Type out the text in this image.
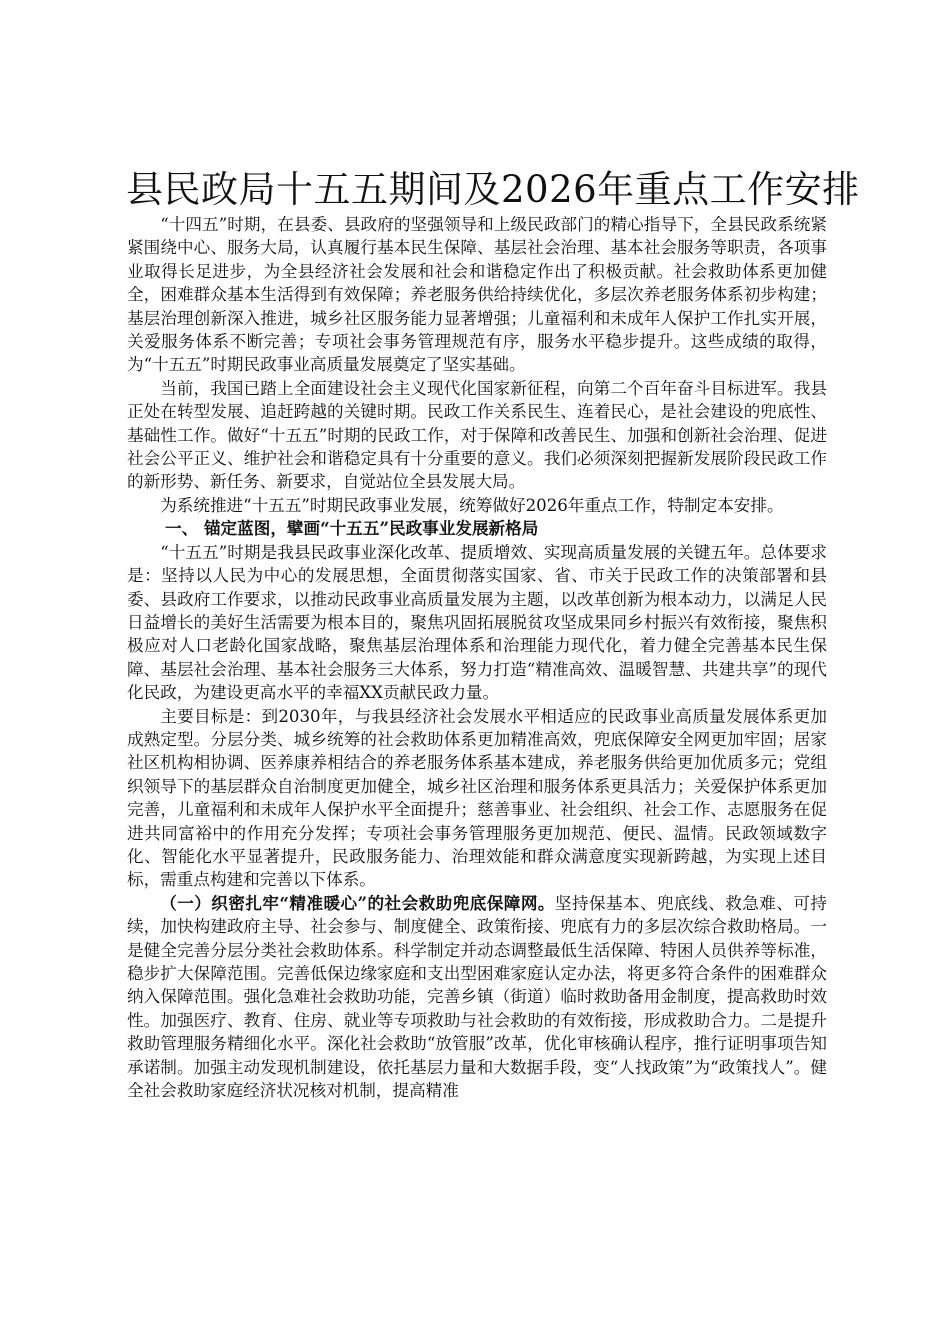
县民政局十五五期间及2026年重点工作安排

“十四五”时期，在县委、县政府的坚强领导和上级民政部门的精心指导下，全县民政系统紧紧围绕中心、服务大局，认真履行基本民生保障、基层社会治理、基本社会服务等职责，各项事业取得长足进步，为全县经济社会发展和社会和谐稳定作出了积极贡献。社会救助体系更加健全，困难群众基本生活得到有效保障；养老服务供给持续优化，多层次养老服务体系初步构建；基层治理创新深入推进，城乡社区服务能力显著增强；儿童福利和未成年人保护工作扎实开展，关爱服务体系不断完善；专项社会事务管理规范有序，服务水平稳步提升。这些成绩的取得，为“十五五”时期民政事业高质量发展奠定了坚实基础。

当前，我国已踏上全面建设社会主义现代化国家新征程，向第二个百年奋斗目标进军。我县正处在转型发展、追赶跨越的关键时期。民政工作关系民生、连着民心，是社会建设的兜底性、基础性工作。做好“十五五”时期的民政工作，对于保障和改善民生、加强和创新社会治理、促进社会公平正义、维护社会和谐稳定具有十分重要的意义。我们必须深刻把握新发展阶段民政工作的新形势、新任务、新要求，自觉站位全县发展大局。

为系统推进“十五五”时期民政事业发展，统筹做好2026年重点工作，特制定本安排。

一、 锚定蓝图，擘画“十五五”民政事业发展新格局

“十五五”时期是我县民政事业深化改革、提质增效、实现高质量发展的关键五年。总体要求是：坚持以人民为中心的发展思想，全面贯彻落实国家、省、市关于民政工作的决策部署和县委、县政府工作要求，以推动民政事业高质量发展为主题，以改革创新为根本动力，以满足人民日益增长的美好生活需要为根本目的，聚焦巩固拓展脱贫攻坚成果同乡村振兴有效衔接，聚焦积极应对人口老龄化国家战略，聚焦基层治理体系和治理能力现代化，着力健全完善基本民生保障、基层社会治理、基本社会服务三大体系，努力打造“精准高效、温暖智慧、共建共享”的现代化民政，为建设更高水平的幸福XX贡献民政力量。

主要目标是：到2030年，与我县经济社会发展水平相适应的民政事业高质量发展体系更加成熟定型。分层分类、城乡统筹的社会救助体系更加精准高效，兜底保障安全网更加牢固；居家社区机构相协调、医养康养相结合的养老服务体系基本建成，养老服务供给更加优质多元；党组织领导下的基层群众自治制度更加健全，城乡社区治理和服务体系更具活力；关爱保护体系更加完善，儿童福利和未成年人保护水平全面提升；慈善事业、社会组织、社会工作、志愿服务在促进共同富裕中的作用充分发挥；专项社会事务管理服务更加规范、便民、温情。民政领域数字化、智能化水平显著提升，民政服务能力、治理效能和群众满意度实现新跨越，为实现上述目标，需重点构建和完善以下体系。

（一）织密扎牢“精准暖心”的社会救助兜底保障网。坚持保基本、兜底线、救急难、可持续，加快构建政府主导、社会参与、制度健全、政策衔接、兜底有力的多层次综合救助格局。一是健全完善分层分类社会救助体系。科学制定并动态调整最低生活保障、特困人员供养等标准，稳步扩大保障范围。完善低保边缘家庭和支出型困难家庭认定办法，将更多符合条件的困难群众纳入保障范围。强化急难社会救助功能，完善乡镇（街道）临时救助备用金制度，提高救助时效性。加强医疗、教育、住房、就业等专项救助与社会救助的有效衔接，形成救助合力。二是提升救助管理服务精细化水平。深化社会救助“放管服”改革，优化审核确认程序，推行证明事项告知承诺制。加强主动发现机制建设，依托基层力量和大数据手段，变“人找政策”为“政策找人”。健全社会救助家庭经济状况核对机制，提高精准
